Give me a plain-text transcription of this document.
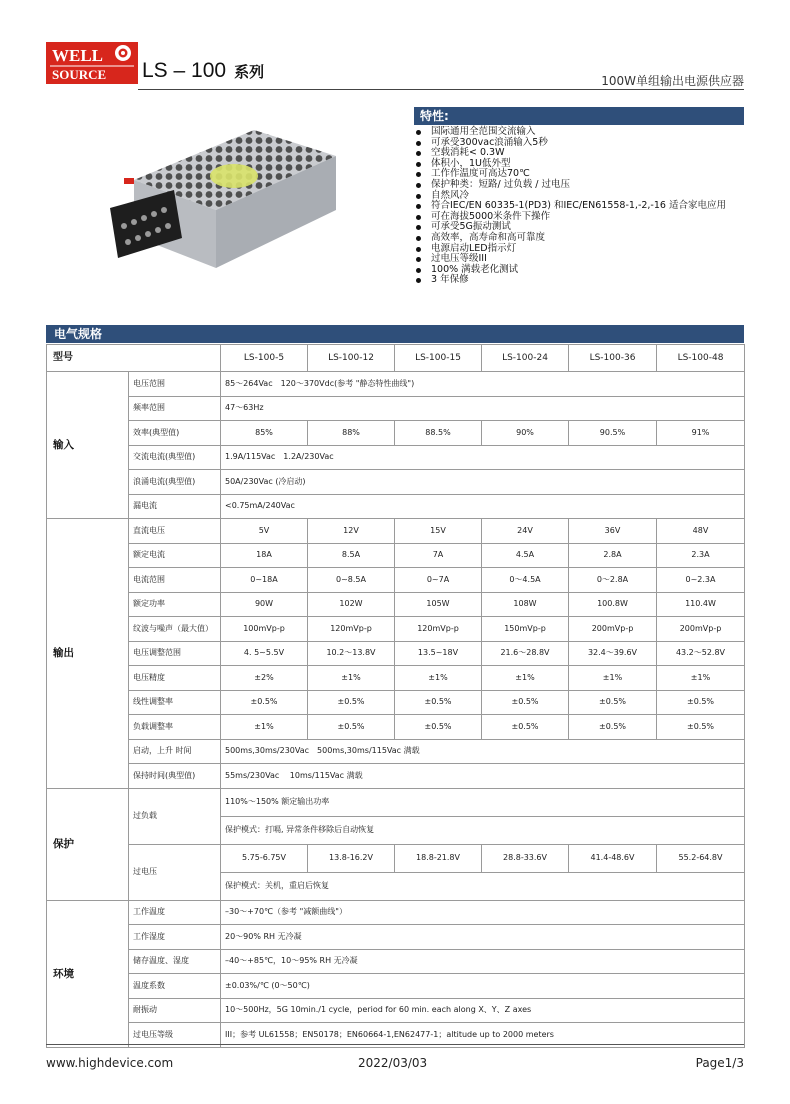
WELL
SOURCE LS – 100 系列	100W单组输出电源供应器
特性:
国际通用全范围交流输入
可承受300vac浪涌输入5秒
空载消耗< 0.3W
体积小，1U低外型
工作作温度可高达70℃
保护种类：短路/ 过负载 / 过电压
自然风冷
符合IEC/EN 60335-1(PD3) 和IEC/EN61558-1,-2,-16 适合家电应用
可在海拔5000米条件下操作
可承受5G振动测试
高效率，高寿命和高可靠度
电源启动LED指示灯
过电压等级III
100% 满载老化测试
3 年保修
电气规格
型号		LS-100-5	LS-100-12	LS-100-15	LS-100-24	LS-100-36	LS-100-48
输入	电压范围	85～264Vac　120～370Vdc(参考 "静态特性曲线")					
	频率范围	47～63Hz					
	效率(典型值)	85%	88%	88.5%	90%	90.5%	91%
	交流电流(典型值)	1.9A/115Vac　1.2A/230Vac					
	浪涌电流(典型值)	50A/230Vac (冷启动)					
	漏电流	<0.75mA/240Vac					
输出	直流电压	5V	12V	15V	24V	36V	48V
	额定电流	18A	8.5A	7A	4.5A	2.8A	2.3A
	电流范围	0~18A	0~8.5A	0~7A	0～4.5A	0～2.8A	0~2.3A
	额定功率	90W	102W	105W	108W	100.8W	110.4W
	纹波与噪声（最大值）	100mVp-p	120mVp-p	120mVp-p	150mVp-p	200mVp-p	200mVp-p
	电压调整范围	4. 5~5.5V	10.2～13.8V	13.5~18V	21.6～28.8V	32.4～39.6V	43.2～52.8V
	电压精度	±2%	±1%	±1%	±1%	±1%	±1%
	线性调整率	±0.5%	±0.5%	±0.5%	±0.5%	±0.5%	±0.5%
	负载调整率	±1%	±0.5%	±0.5%	±0.5%	±0.5%	±0.5%
	启动，上升 时间	500ms,30ms/230Vac　500ms,30ms/115Vac 满载					
	保持时间(典型值)	55ms/230Vac　 10ms/115Vac 满载					
保护	过负载	110%～150% 额定输出功率					
		保护模式：打嗝, 异常条件移除后自动恢复					
	过电压	5.75-6.75V	13.8-16.2V	18.8-21.8V	28.8-33.6V	41.4-48.6V	55.2-64.8V
		保护模式：关机，重启后恢复					
环境	工作温度	–30～+70℃（参考 "减额曲线"）					
	工作湿度	20～90% RH 无冷凝					
	储存温度、湿度	–40～+85℃，10～95% RH 无冷凝					
	温度系数	±0.03%/℃ (0～50℃)					
	耐振动	10～500Hz，5G 10min./1 cycle，period for 60 min. each along X、Y、Z axes					
	过电压等级	III；参考 UL61558；EN50178；EN60664-1,EN62477-1；altitude up to 2000 meters					
www.highdevice.com	2022/03/03	Page1/3
